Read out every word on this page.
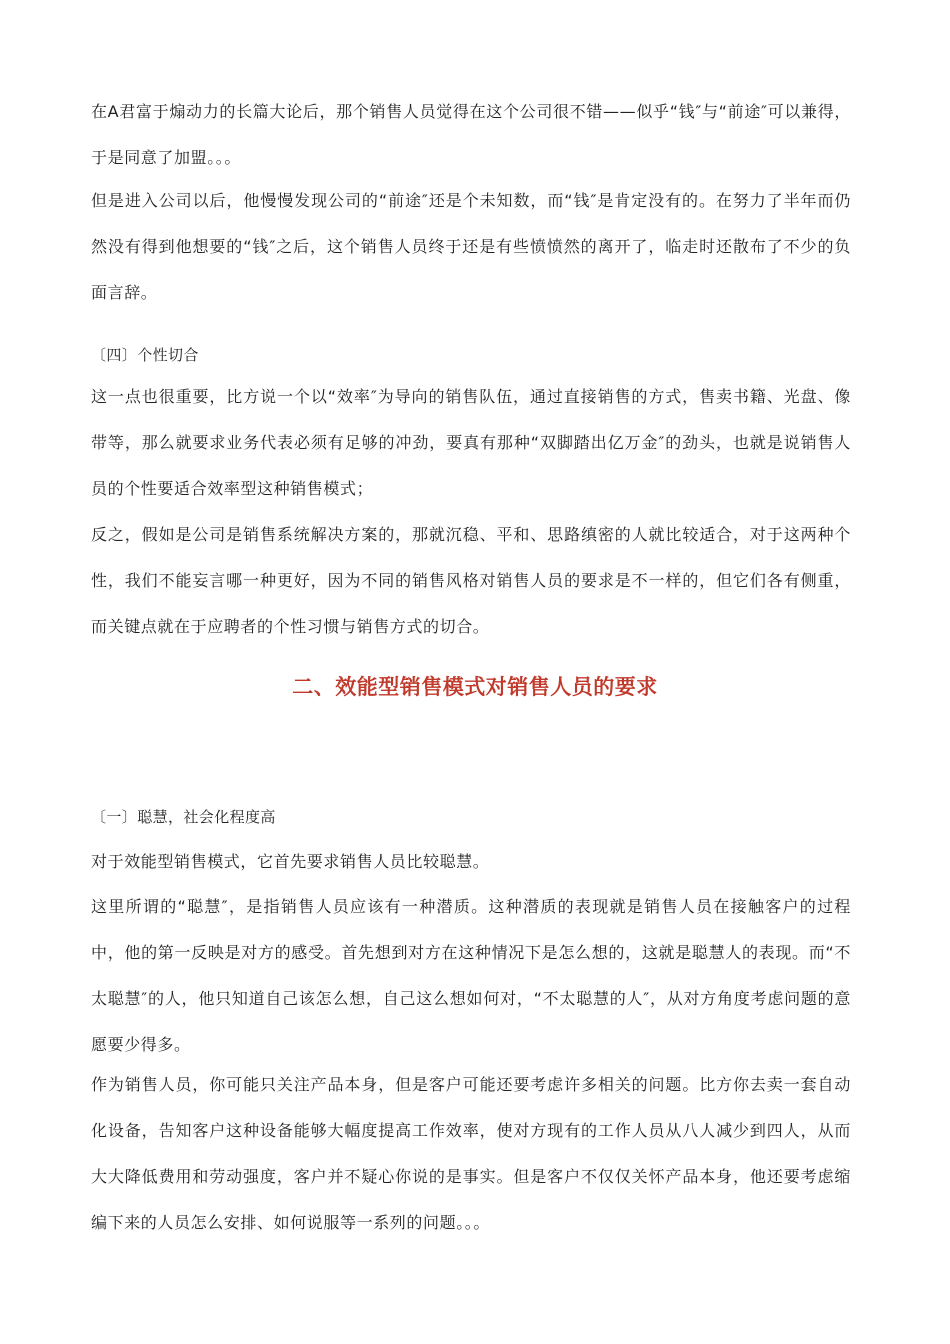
在A君富于煽动力的长篇大论后，那个销售人员觉得在这个公司很不错——似乎“钱″与“前途″可以兼得，于是同意了加盟。。。

但是进入公司以后，他慢慢发现公司的“前途″还是个未知数，而“钱″是肯定没有的。在努力了半年而仍然没有得到他想要的“钱″之后，这个销售人员终于还是有些愤愤然的离开了，临走时还散布了不少的负面言辞。

〔四〕个性切合

这一点也很重要，比方说一个以“效率″为导向的销售队伍，通过直接销售的方式，售卖书籍、光盘、像带等，那么就要求业务代表必须有足够的冲劲，要真有那种“双脚踏出亿万金″的劲头，也就是说销售人员的个性要适合效率型这种销售模式；

反之，假如是公司是销售系统解决方案的，那就沉稳、平和、思路缜密的人就比较适合，对于这两种个性，我们不能妄言哪一种更好，因为不同的销售风格对销售人员的要求是不一样的，但它们各有侧重，而关键点就在于应聘者的个性习惯与销售方式的切合。

二、效能型销售模式对销售人员的要求

〔一〕聪慧，社会化程度高

对于效能型销售模式，它首先要求销售人员比较聪慧。

这里所谓的“聪慧″，是指销售人员应该有一种潜质。这种潜质的表现就是销售人员在接触客户的过程中，他的第一反映是对方的感受。首先想到对方在这种情况下是怎么想的，这就是聪慧人的表现。而“不太聪慧″的人，他只知道自己该怎么想，自己这么想如何对，“不太聪慧的人″，从对方角度考虑问题的意愿要少得多。

作为销售人员，你可能只关注产品本身，但是客户可能还要考虑许多相关的问题。比方你去卖一套自动化设备，告知客户这种设备能够大幅度提高工作效率，使对方现有的工作人员从八人减少到四人，从而大大降低费用和劳动强度，客户并不疑心你说的是事实。但是客户不仅仅关怀产品本身，他还要考虑缩编下来的人员怎么安排、如何说服等一系列的问题。。。
